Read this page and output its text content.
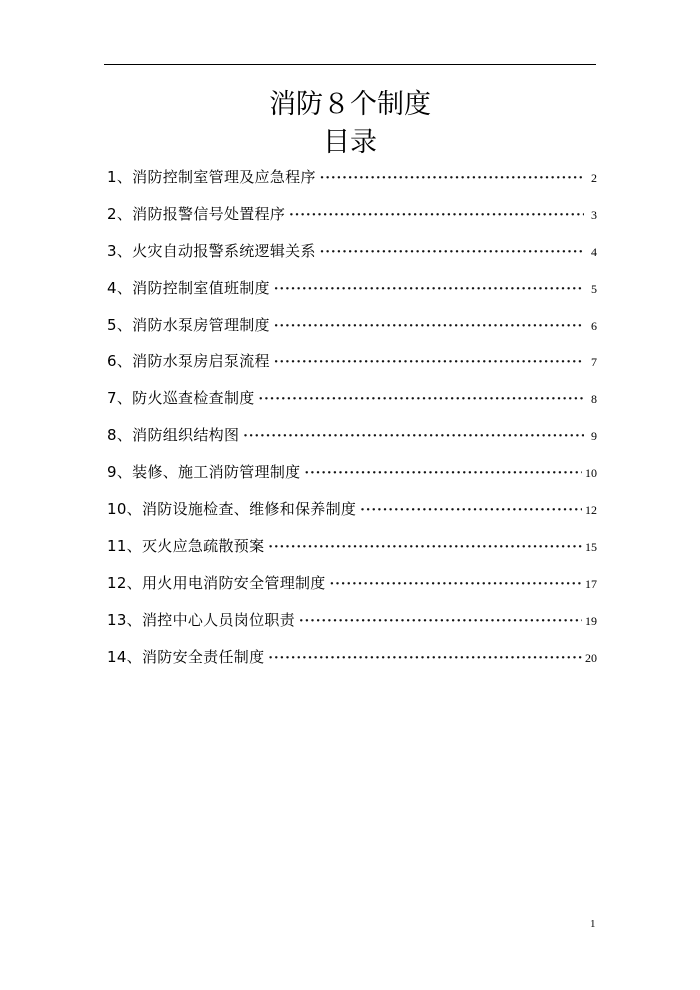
消防８个制度
目录
1、消防控制室管理及应急程序 ·····	2
2、消防报警信号处置程序 ·····	3
3、火灾自动报警系统逻辑关系 ·····	4
4、消防控制室值班制度 ·····	5
5、消防水泵房管理制度 ·····	6
6、消防水泵房启泵流程 ·····	7
7、防火巡查检查制度 ·····	8
8、消防组织结构图 ·····	9
9、装修、施工消防管理制度 ·····	10
10、消防设施检查、维修和保养制度 ·····	12
11、灭火应急疏散预案 ·····	15
12、用火用电消防安全管理制度 ·····	17
13、消控中心人员岗位职责 ·····	19
14、消防安全责任制度 ·····	20
1
